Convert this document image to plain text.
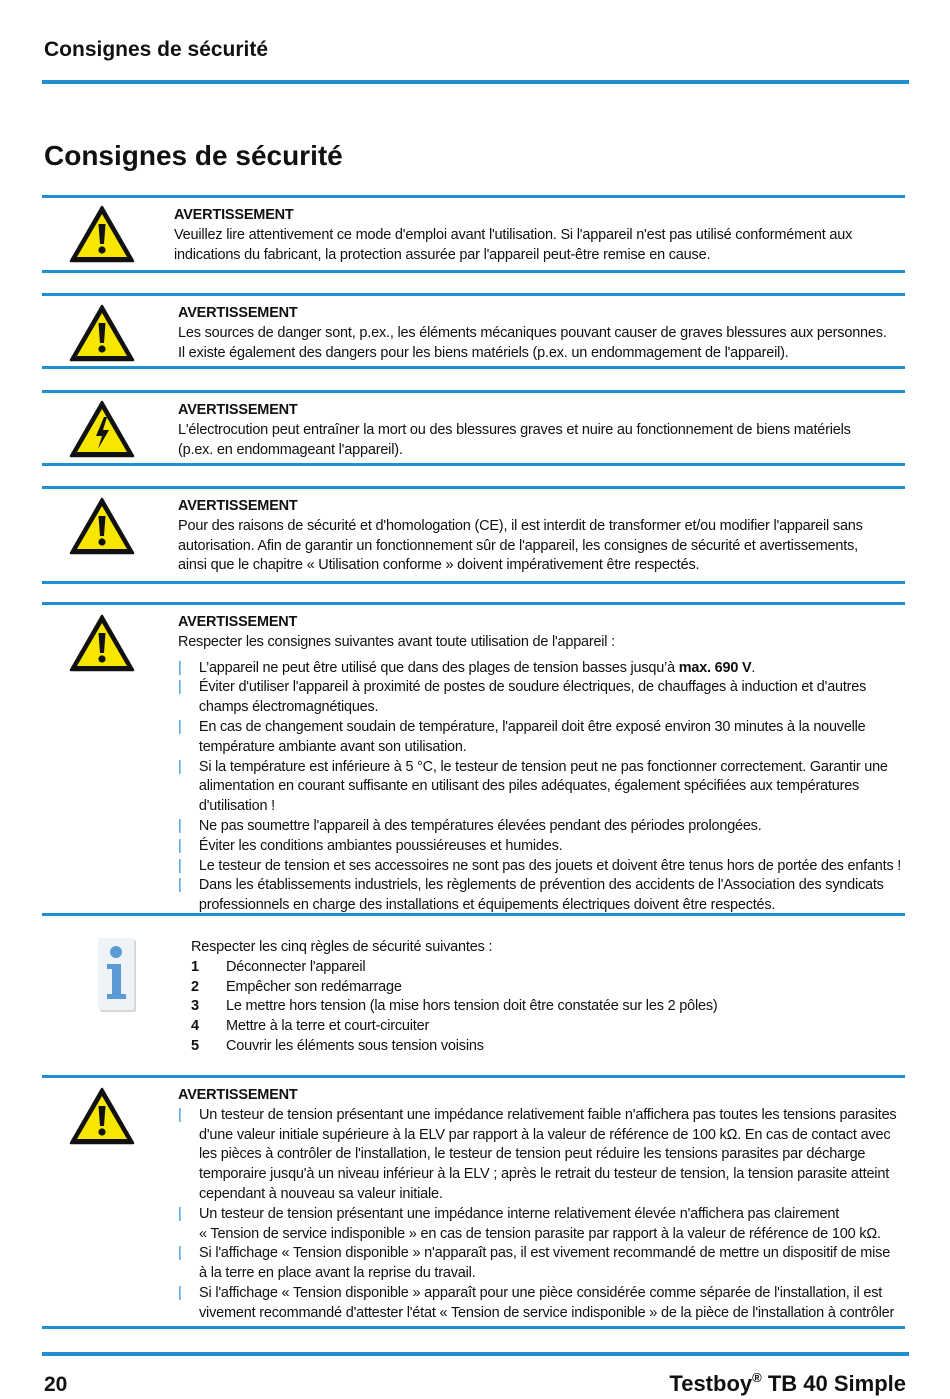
Consignes de sécurité
Consignes de sécurité
AVERTISSEMENT
Veuillez lire attentivement ce mode d'emploi avant l'utilisation. Si l'appareil n'est pas utilisé conformément aux
indications du fabricant, la protection assurée par l'appareil peut-être remise en cause.
AVERTISSEMENT
Les sources de danger sont, p.ex., les éléments mécaniques pouvant causer de graves blessures aux personnes.
Il existe également des dangers pour les biens matériels (p.ex. un endommagement de l'appareil).
AVERTISSEMENT
L'électrocution peut entraîner la mort ou des blessures graves et nuire au fonctionnement de biens matériels
(p.ex. en endommageant l'appareil).
AVERTISSEMENT
Pour des raisons de sécurité et d'homologation (CE), il est interdit de transformer et/ou modifier l'appareil sans
autorisation. Afin de garantir un fonctionnement sûr de l'appareil, les consignes de sécurité et avertissements,
ainsi que le chapitre « Utilisation conforme » doivent impérativement être respectés.
AVERTISSEMENT
Respecter les consignes suivantes avant toute utilisation de l'appareil :
| L’appareil ne peut être utilisé que dans des plages de tension basses jusqu’à max. 690 V.
| Éviter d'utiliser l'appareil à proximité de postes de soudure électriques, de chauffages à induction et d'autres
champs électromagnétiques.
| En cas de changement soudain de température, l'appareil doit être exposé environ 30 minutes à la nouvelle
température ambiante avant son utilisation.
| Si la température est inférieure à 5 °C, le testeur de tension peut ne pas fonctionner correctement. Garantir une
alimentation en courant suffisante en utilisant des piles adéquates, également spécifiées aux températures
d'utilisation !
| Ne pas soumettre l'appareil à des températures élevées pendant des périodes prolongées.
| Éviter les conditions ambiantes poussiéreuses et humides.
| Le testeur de tension et ses accessoires ne sont pas des jouets et doivent être tenus hors de portée des enfants !
| Dans les établissements industriels, les règlements de prévention des accidents de l'Association des syndicats
professionnels en charge des installations et équipements électriques doivent être respectés.
Respecter les cinq règles de sécurité suivantes :
1	Déconnecter l'appareil
2	Empêcher son redémarrage
3	Le mettre hors tension (la mise hors tension doit être constatée sur les 2 pôles)
4	Mettre à la terre et court-circuiter
5	Couvrir les éléments sous tension voisins
AVERTISSEMENT
| Un testeur de tension présentant une impédance relativement faible n'affichera pas toutes les tensions parasites
d'une valeur initiale supérieure à la ELV par rapport à la valeur de référence de 100 kΩ. En cas de contact avec
les pièces à contrôler de l'installation, le testeur de tension peut réduire les tensions parasites par décharge
temporaire jusqu'à un niveau inférieur à la ELV ; après le retrait du testeur de tension, la tension parasite atteint
cependant à nouveau sa valeur initiale.
| Un testeur de tension présentant une impédance interne relativement élevée n'affichera pas clairement
« Tension de service indisponible » en cas de tension parasite par rapport à la valeur de référence de 100 kΩ.
| Si l'affichage « Tension disponible » n'apparaît pas, il est vivement recommandé de mettre un dispositif de mise
à la terre en place avant la reprise du travail.
| Si l'affichage « Tension disponible » apparaît pour une pièce considérée comme séparée de l'installation, il est
vivement recommandé d'attester l'état « Tension de service indisponible » de la pièce de l'installation à contrôler
20	Testboy® TB 40 Simple
